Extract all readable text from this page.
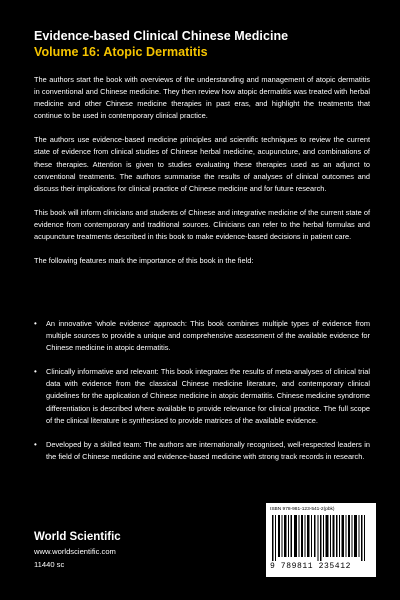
Evidence-based Clinical Chinese Medicine
Volume 16: Atopic Dermatitis

The authors start the book with overviews of the understanding and management of atopic dermatitis in conventional and Chinese medicine. They then review how atopic dermatitis was treated with herbal medicine and other Chinese medicine therapies in past eras, and highlight the treatments that continue to be used in contemporary clinical practice.

The authors use evidence-based medicine principles and scientific techniques to review the current state of evidence from clinical studies of Chinese herbal medicine, acupuncture, and combinations of these therapies. Attention is given to studies evaluating these therapies used as an adjunct to conventional treatments. The authors summarise the results of analyses of clinical outcomes and discuss their implications for clinical practice of Chinese medicine and for future research.

This book will inform clinicians and students of Chinese and integrative medicine of the current state of evidence from contemporary and traditional sources. Clinicians can refer to the herbal formulas and acupuncture treatments described in this book to make evidence-based decisions in patient care.

The following features mark the importance of this book in the field:

•	An innovative 'whole evidence' approach: This book combines multiple types of evidence from multiple sources to provide a unique and comprehensive assessment of the available evidence for Chinese medicine in atopic dermatitis.
•	Clinically informative and relevant: This book integrates the results of meta-analyses of clinical trial data with evidence from the classical Chinese medicine literature, and contemporary clinical guidelines for the application of Chinese medicine in atopic dermatitis. Chinese medicine syndrome differentiation is described where available to provide relevance for clinical practice. The full scope of the clinical literature is synthesised to provide matrices of the available evidence.
•	Developed by a skilled team: The authors are internationally recognised, well-respected leaders in the field of Chinese medicine and evidence-based medicine with strong track records in research.
World Scientific
www.worldscientific.com
11440 sc
ISBN 978-981-123-541-2(pbk)
9 789811 235412
